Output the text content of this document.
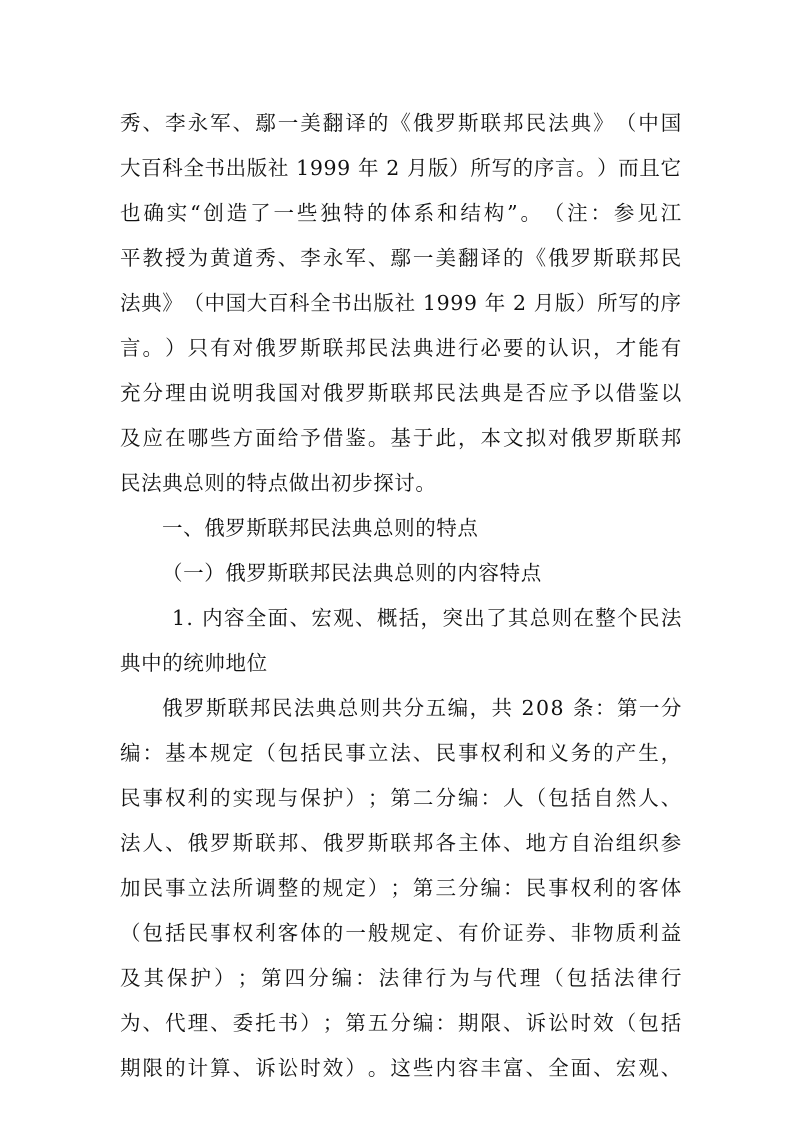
秀 、 李 永 军 、 鄢 一 美 翻 译 的 《 俄 罗 斯 联 邦 民 法 典 》 （ 中 国
大 百 科 全 书 出 版 社
1 9 9 9
年
2
月 版 ） 所 写 的 序 言 。 ） 而 且 它
也 确 实 “ 创 造 了 一 些 独 特 的 体 系 和 结 构 ” 。 （ 注 ： 参 见 江
平 教 授 为 黄 道 秀 、 李 永 军 、 鄢 一 美 翻 译 的 《 俄 罗 斯 联 邦 民
法 典 》 （ 中 国 大 百 科 全 书 出 版 社
1 9 9 9
年
2
月 版 ） 所 写 的 序
言 。 ） 只 有 对 俄 罗 斯 联 邦 民 法 典 进 行 必 要 的 认 识 ， 才 能 有
充 分 理 由 说 明 我 国 对 俄 罗 斯 联 邦 民 法 典 是 否 应 予 以 借 鉴 以
及 应 在 哪 些 方 面 给 予 借 鉴 。 基 于 此 ， 本 文 拟 对 俄 罗 斯 联 邦
民法典总则的特点做出初步探讨。
一、俄罗斯联邦民法典总则的特点
（一）俄罗斯联邦民法典总则的内容特点
1 .
内 容 全 面 、 宏 观 、 概 括 ， 突 出 了 其 总 则 在 整 个 民 法
典中的统帅地位
俄 罗 斯 联 邦 民 法 典 总 则 共 分 五 编 ， 共
2 0 8
条 ： 第 一 分
编 ： 基 本 规 定 （ 包 括 民 事 立 法 、 民 事 权 利 和 义 务 的 产 生 ，
民 事 权 利 的 实 现 与 保 护 ） ； 第 二 分 编 ： 人 （ 包 括 自 然 人 、
法 人 、 俄 罗 斯 联 邦 、 俄 罗 斯 联 邦 各 主 体 、 地 方 自 治 组 织 参
加 民 事 立 法 所 调 整 的 规 定 ） ； 第 三 分 编 ： 民 事 权 利 的 客 体
（ 包 括 民 事 权 利 客 体 的 一 般 规 定 、 有 价 证 券 、 非 物 质 利 益
及 其 保 护 ） ； 第 四 分 编 ： 法 律 行 为 与 代 理 （ 包 括 法 律 行
为 、 代 理 、 委 托 书 ） ； 第 五 分 编 ： 期 限 、 诉 讼 时 效 （ 包 括
期 限 的 计 算 、 诉 讼 时 效 ） 。 这 些 内 容 丰 富 、 全 面 、 宏 观 、
